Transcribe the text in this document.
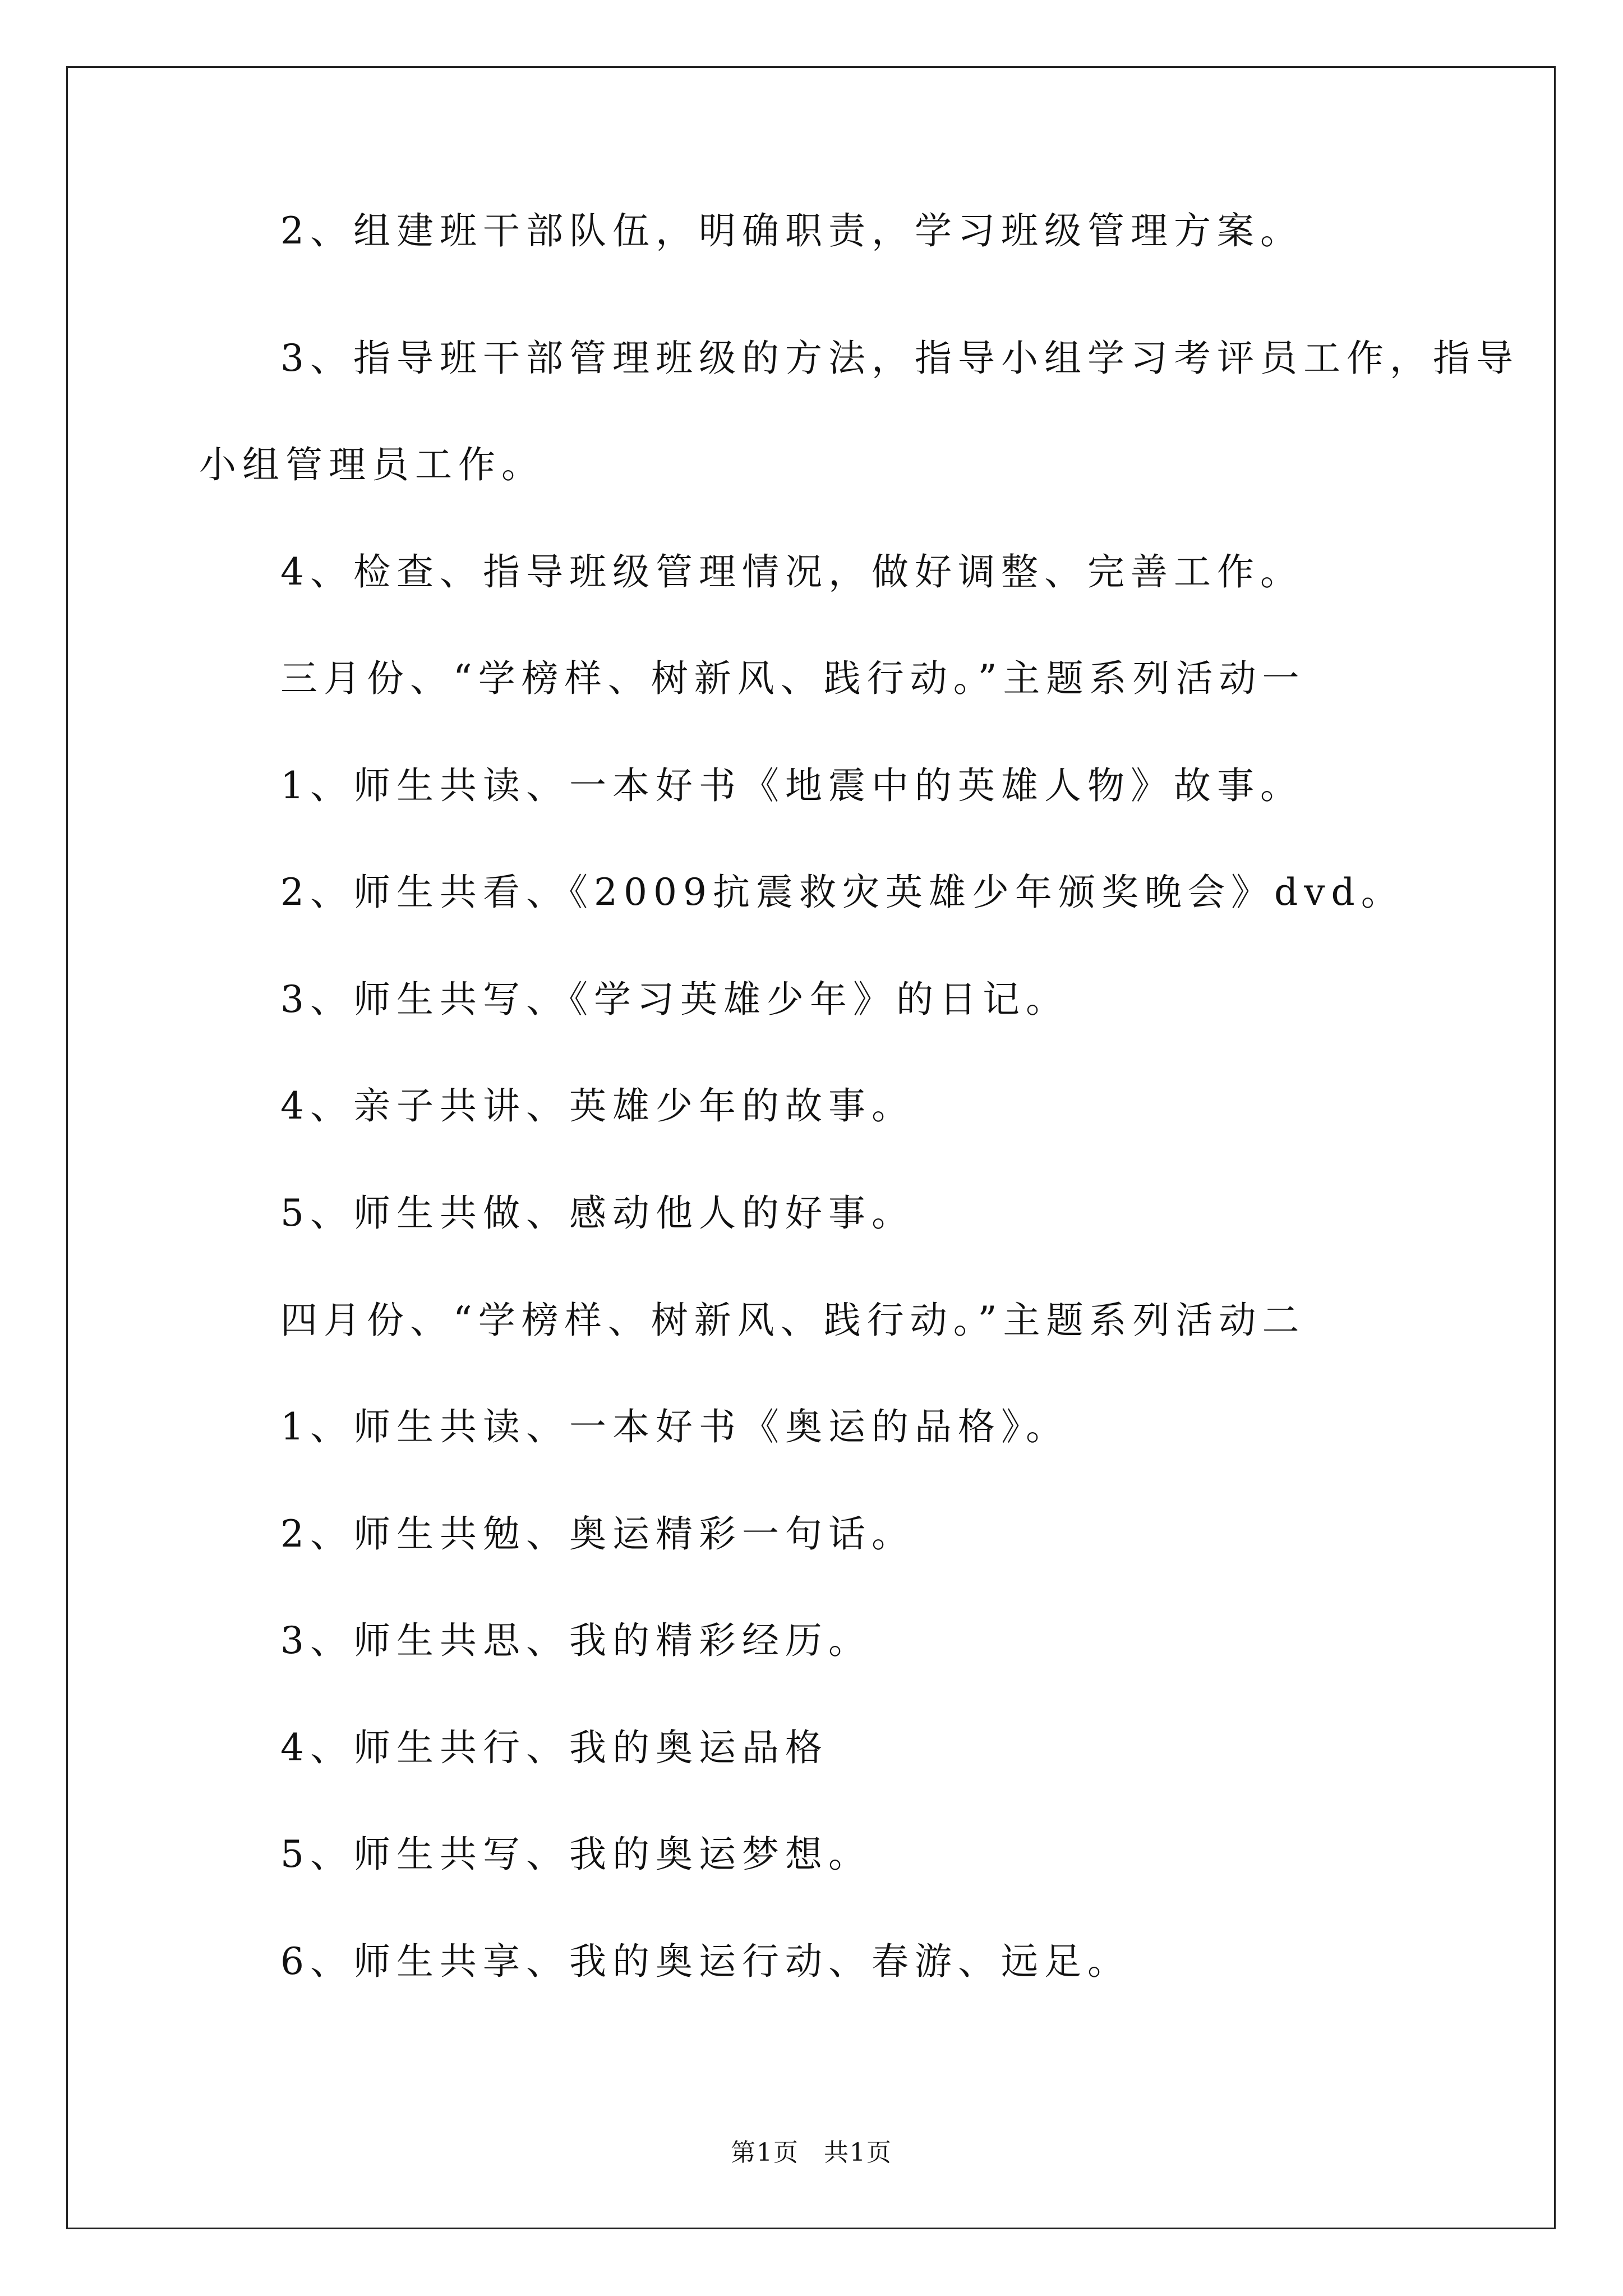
2、组建班干部队伍，明确职责，学习班级管理方案。
3、指导班干部管理班级的方法，指导小组学习考评员工作，指导
小组管理员工作。
4、检查、指导班级管理情况，做好调整、完善工作。
三月份、“学榜样、树新风、践行动。”主题系列活动一
1、师生共读、一本好书《地震中的英雄人物》故事。
2、师生共看、《2009抗震救灾英雄少年颁奖晚会》dvd。
3、师生共写、《学习英雄少年》的日记。
4、亲子共讲、英雄少年的故事。
5、师生共做、感动他人的好事。
四月份、“学榜样、树新风、践行动。”主题系列活动二
1、师生共读、一本好书《奥运的品格》。
2、师生共勉、奥运精彩一句话。
3、师生共思、我的精彩经历。
4、师生共行、我的奥运品格
5、师生共写、我的奥运梦想。
6、师生共享、我的奥运行动、春游、远足。
第1页 共1页
